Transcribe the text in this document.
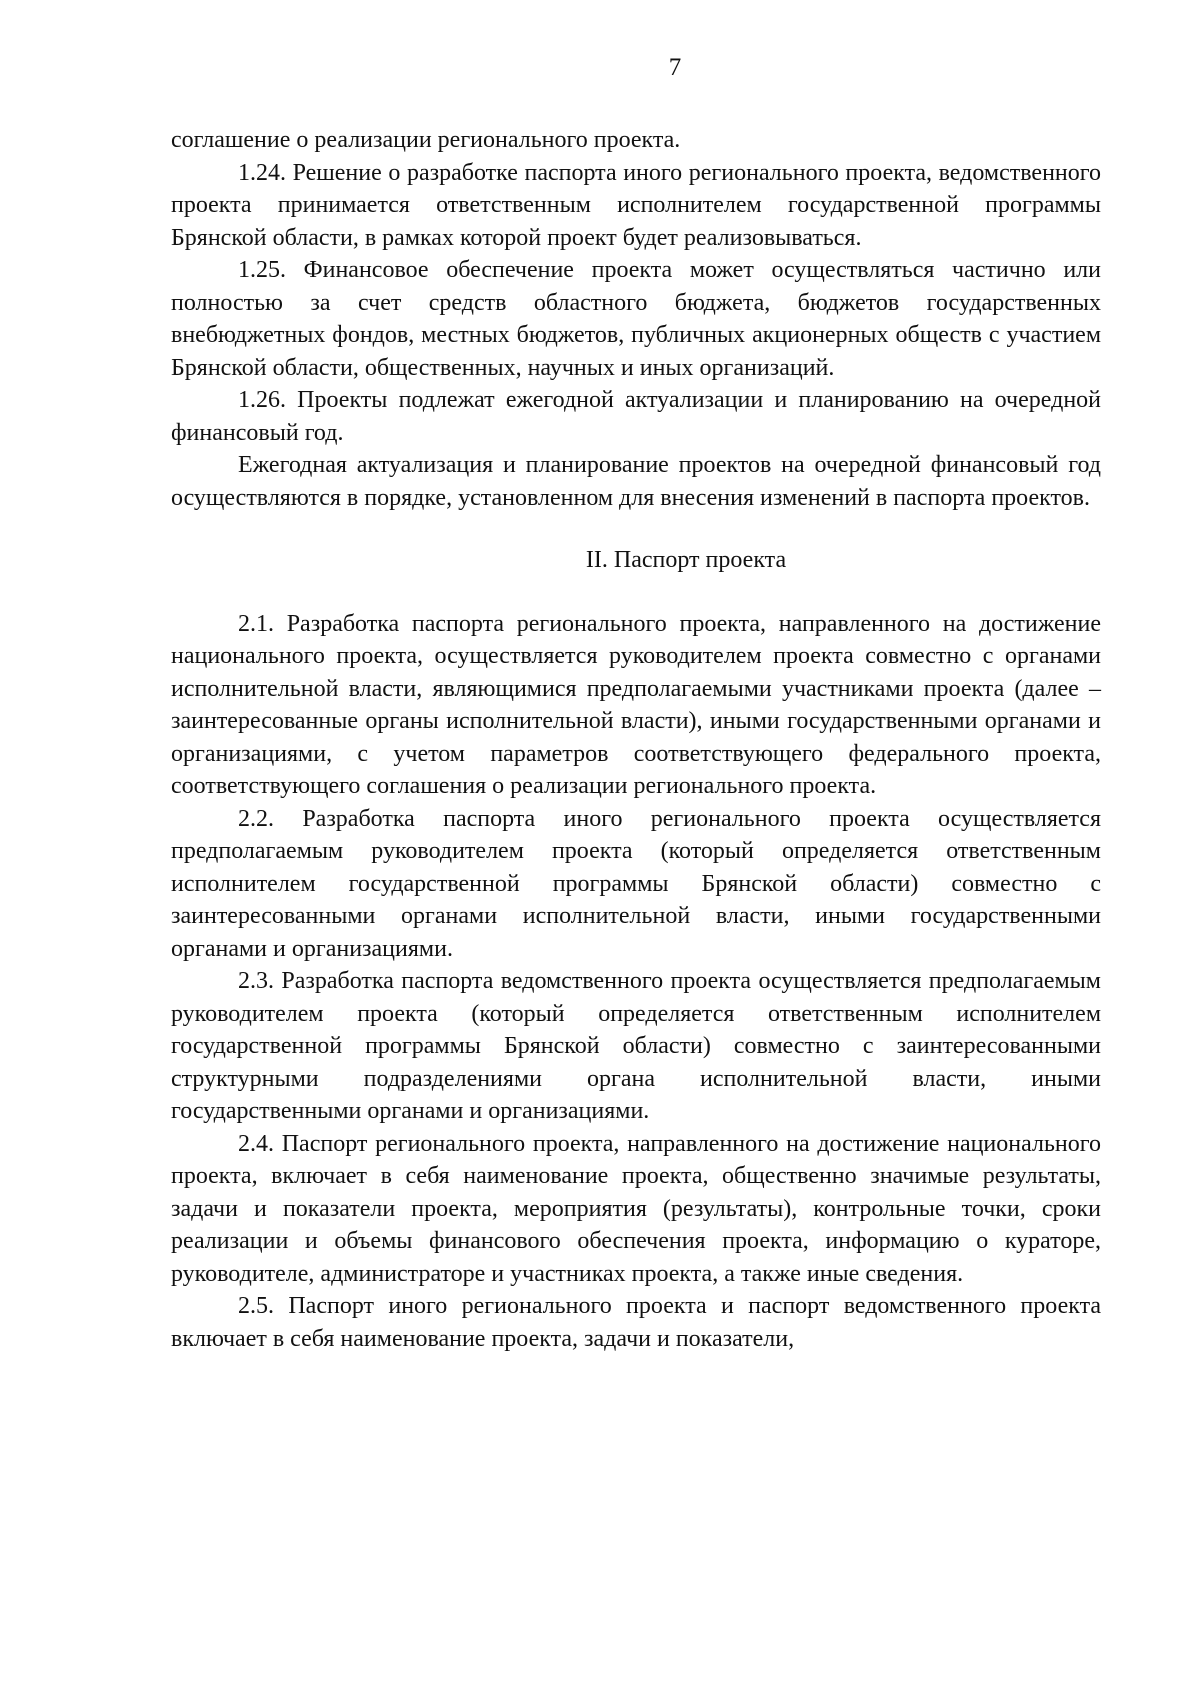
7

соглашение о реализации регионального проекта.

1.24. Решение о разработке паспорта иного регионального проекта, ведомственного проекта принимается ответственным исполнителем государственной программы Брянской области, в рамках которой проект будет реализовываться.

1.25. Финансовое обеспечение проекта может осуществляться частично или полностью за счет средств областного бюджета, бюджетов государственных внебюджетных фондов, местных бюджетов, публичных акционерных обществ с участием Брянской области, общественных, научных и иных организаций.

1.26. Проекты подлежат ежегодной актуализации и планированию на очередной финансовый год.

Ежегодная актуализация и планирование проектов на очередной финансовый год осуществляются в порядке, установленном для внесения изменений в паспорта проектов.

II. Паспорт проекта

2.1. Разработка паспорта регионального проекта, направленного на достижение национального проекта, осуществляется руководителем проекта совместно с органами исполнительной власти, являющимися предполагаемыми участниками проекта (далее – заинтересованные органы исполнительной власти), иными государственными органами и организациями, с учетом параметров соответствующего федерального проекта, соответствующего соглашения о реализации регионального проекта.

2.2. Разработка паспорта иного регионального проекта осуществляется предполагаемым руководителем проекта (который определяется ответственным исполнителем государственной программы Брянской области) совместно с заинтересованными органами исполнительной власти, иными государственными органами и организациями.

2.3. Разработка паспорта ведомственного проекта осуществляется предполагаемым руководителем проекта (который определяется ответственным исполнителем государственной программы Брянской области) совместно с заинтересованными структурными подразделениями органа исполнительной власти, иными государственными органами и организациями.

2.4. Паспорт регионального проекта, направленного на достижение национального проекта, включает в себя наименование проекта, общественно значимые результаты, задачи и показатели проекта, мероприятия (результаты), контрольные точки, сроки реализации и объемы финансового обеспечения проекта, информацию о кураторе, руководителе, администраторе и участниках проекта, а также иные сведения.

2.5. Паспорт иного регионального проекта и паспорт ведомственного проекта включает в себя наименование проекта, задачи и показатели,
